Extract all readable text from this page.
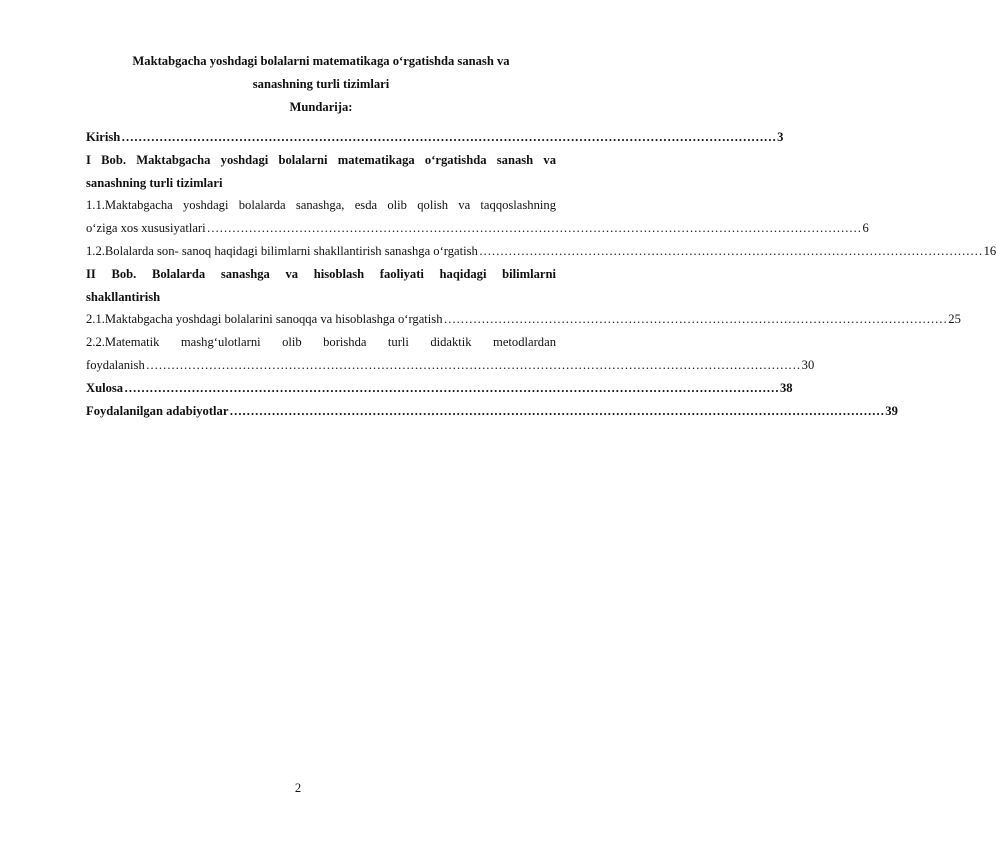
Maktabgacha yoshdagi bolalarni matematikaga o‘rgatishda sanash va
sanashning turli tizimlari
Mundarija:
Kirish ………………………………………………………………………………………………………………………………………… 3
I Bob. Maktabgacha yoshdagi bolalarni matematikaga o‘rgatishda sanash va
sanashning turli tizimlari
1.1.Maktabgacha yoshdagi bolalarda sanashga, esda olib qolish va taqqoslashning
o‘ziga xos xususiyatlari ………………………………………………………………………………………………………………………………………… 6
1.2.Bolalarda son- sanoq haqidagi bilimlarni shakllantirish sanashga o‘rgatish ………………………………………………………………………………………………………… 16
II Bob. Bolalarda sanashga va hisoblash faoliyati haqidagi bilimlarni
shakllantirish
2.1.Maktabgacha yoshdagi bolalarini sanoqqa va hisoblashga o‘rgatish ………………………………………………………………………………………………………… 25
2.2.Matematik mashg‘ulotlarni olib borishda turli didaktik metodlardan
foydalanish ………………………………………………………………………………………………………………………………………… 30
Xulosa ………………………………………………………………………………………………………………………………………… 38
Foydalanilgan adabiyotlar ………………………………………………………………………………………………………………………………………… 39
2
